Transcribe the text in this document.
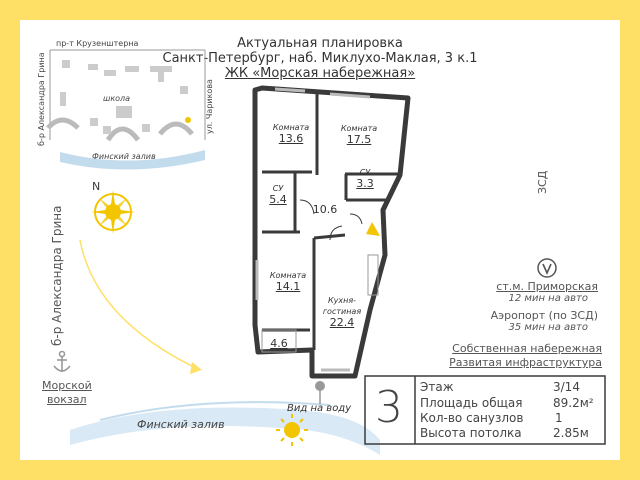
Актуальная планировка
Санкт-Петербург, наб. Миклухо-Маклая, 3 к.1
ЖК «Морская набережная»
пр-т Крузенштерна
б-р Александра Грина	ул. Чарикова
школа
Финский залив
N
б-р Александра Грина
Морской
вокзал
Финский залив
Вид на воду
ЗСД
Комната
13.6
Комната
17.5
СУ
5.4
10.6
СУ
3.3
Комната
14.1
Кухня-
гостиная
22.4
4.6
ст.м. Приморская
12 мин на авто
Аэропорт (по ЗСД)
35 мин на авто
Собственная набережная
Развитая инфраструктура
3 Этаж	3/14
Площадь общая	89.2м²
Кол-во санузлов	1
Высота потолка	2.85м
